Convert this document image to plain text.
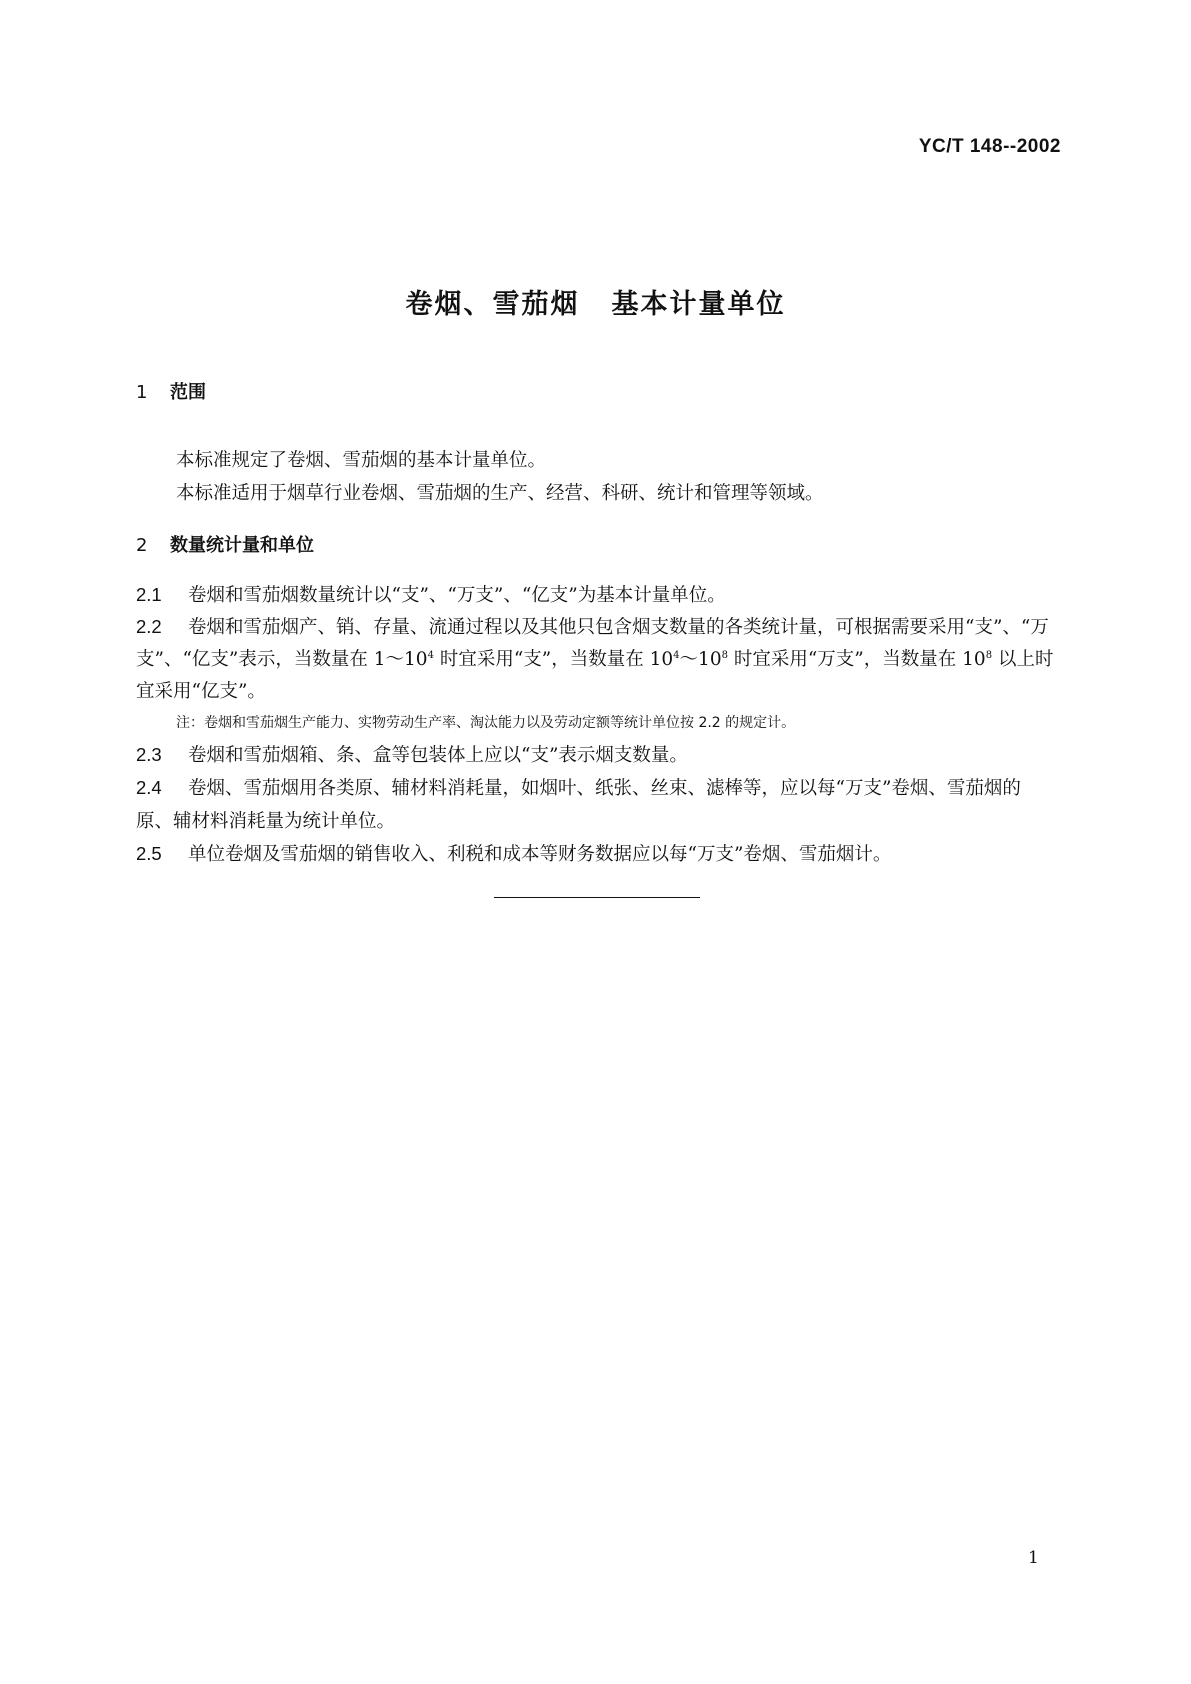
YC/T 148--2002
卷烟、雪茄烟 基本计量单位
1 范围
本标准规定了卷烟、雪茄烟的基本计量单位。
本标准适用于烟草行业卷烟、雪茄烟的生产、经营、科研、统计和管理等领域。
2 数量统计量和单位
2.1 卷烟和雪茄烟数量统计以“支”、“万支”、“亿支”为基本计量单位。
2.2 卷烟和雪茄烟产、销、存量、流通过程以及其他只包含烟支数量的各类统计量，可根据需要采用“支”、“万支”、“亿支”表示，当数量在 $1\sim 10^4$ 时宜采用“支”，当数量在 $10^4\sim 10^8$ 时宜采用“万支”，当数量在 $10^8$ 以上时宜采用“亿支”。
注：卷烟和雪茄烟生产能力、实物劳动生产率、淘汰能力以及劳动定额等统计单位按 2.2 的规定计。
2.3 卷烟和雪茄烟箱、条、盒等包装体上应以“支”表示烟支数量。
2.4 卷烟、雪茄烟用各类原、辅材料消耗量，如烟叶、纸张、丝束、滤棒等，应以每“万支”卷烟、雪茄烟的原、辅材料消耗量为统计单位。
2.5 单位卷烟及雪茄烟的销售收入、利税和成本等财务数据应以每“万支”卷烟、雪茄烟计。
1
